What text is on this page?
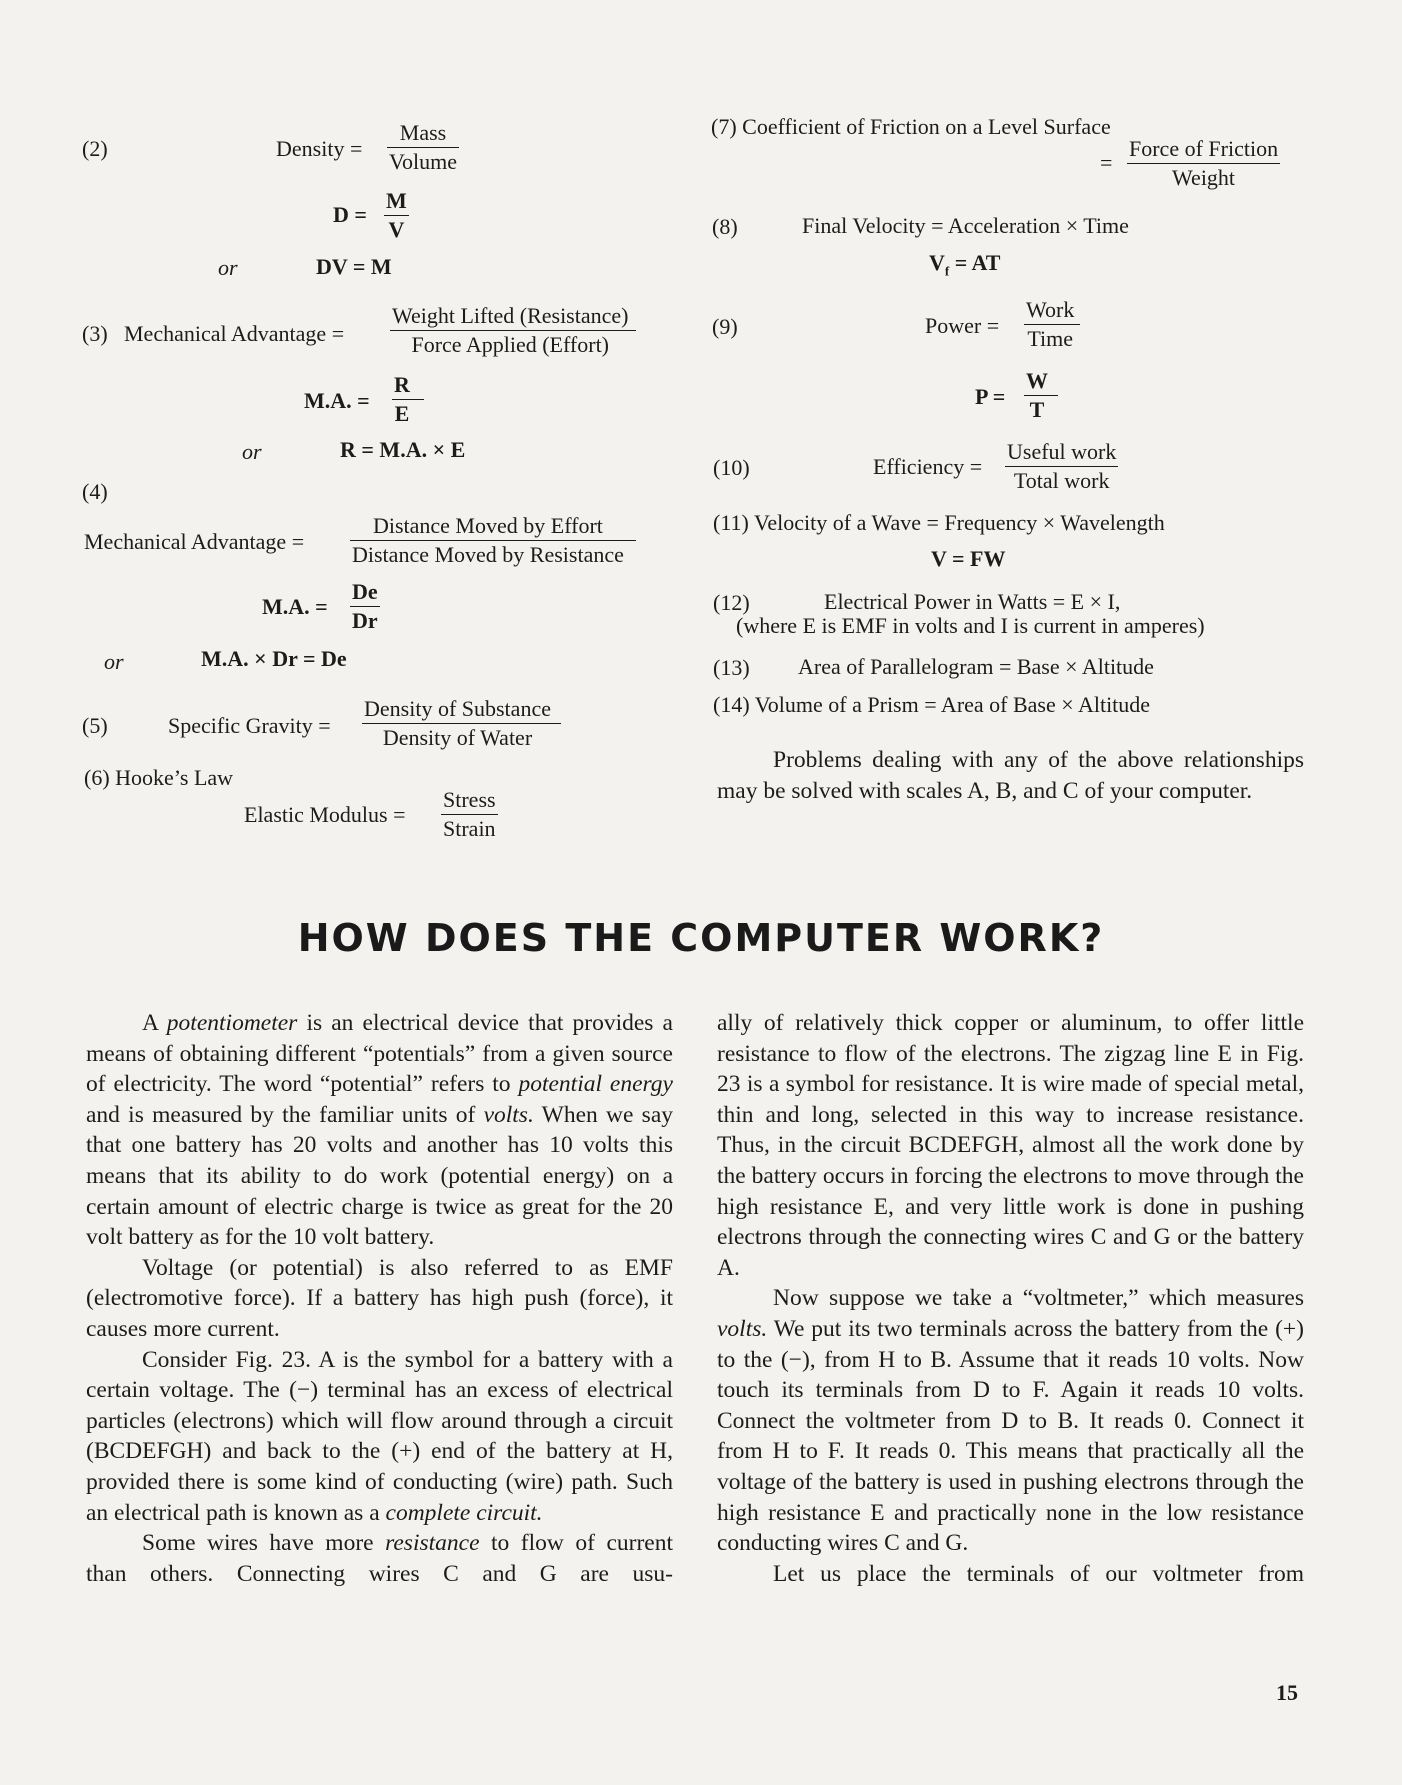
(2)	Density =
Mass
Volume
D =
M
V
or	DV = M
(3) Mechanical Advantage =
Weight Lifted (Resistance)
Force Applied (Effort)
M.A. =
R
E
or	R = M.A. × E
(4)
Mechanical Advantage =
Distance Moved by Effort
Distance Moved by Resistance
M.A. =
De
Dr
or	M.A. × Dr = De
(5)	Specific Gravity =
Density of Substance
Density of Water
(6) Hooke’s Law
Elastic Modulus =
Stress
Strain
(7) Coefficient of Friction on a Level Surface
=
Force of Friction
Weight
(8)	Final Velocity = Acceleration × Time
$V_f$ = AT
(9)	Power =
Work
Time
P =
W
T
(10)	Efficiency =
Useful work
Total work
(11) Velocity of a Wave = Frequency × Wavelength
V = FW
(12)	Electrical Power in Watts = E × I,
(where E is EMF in volts and I is current in amperes)
(13) Area of Parallelogram = Base × Altitude
(14) Volume of a Prism = Area of Base × Altitude

Problems dealing with any of the above relationships may be solved with scales A, B, and C of your computer.

HOW DOES THE COMPUTER WORK?

A potentiometer is an electrical device that provides a means of obtaining different “potentials” from a given source of electricity. The word “potential” refers to potential energy and is measured by the familiar units of volts. When we say that one battery has 20 volts and another has 10 volts this means that its ability to do work (potential energy) on a certain amount of electric charge is twice as great for the 20 volt battery as for the 10 volt battery.

Voltage (or potential) is also referred to as EMF (electromotive force). If a battery has high push (force), it causes more current.

Consider Fig. 23. A is the symbol for a battery with a certain voltage. The (−) terminal has an excess of electrical particles (electrons) which will flow around through a circuit (BCDEFGH) and back to the (+) end of the battery at H, provided there is some kind of conducting (wire) path. Such an electrical path is known as a complete circuit.

Some wires have more resistance to flow of current than others. Connecting wires C and G are usu-

ally of relatively thick copper or aluminum, to offer little resistance to flow of the electrons. The zigzag line E in Fig. 23 is a symbol for resistance. It is wire made of special metal, thin and long, selected in this way to increase resistance. Thus, in the circuit BCDEFGH, almost all the work done by the battery occurs in forcing the electrons to move through the high resistance E, and very little work is done in pushing electrons through the connecting wires C and G or the battery A.

Now suppose we take a “voltmeter,” which measures volts. We put its two terminals across the battery from the (+) to the (−), from H to B. Assume that it reads 10 volts. Now touch its terminals from D to F. Again it reads 10 volts. Connect the voltmeter from D to B. It reads 0. Connect it from H to F. It reads 0. This means that practically all the voltage of the battery is used in pushing electrons through the high resistance E and practically none in the low resistance conducting wires C and G.

Let us place the terminals of our voltmeter from

15
